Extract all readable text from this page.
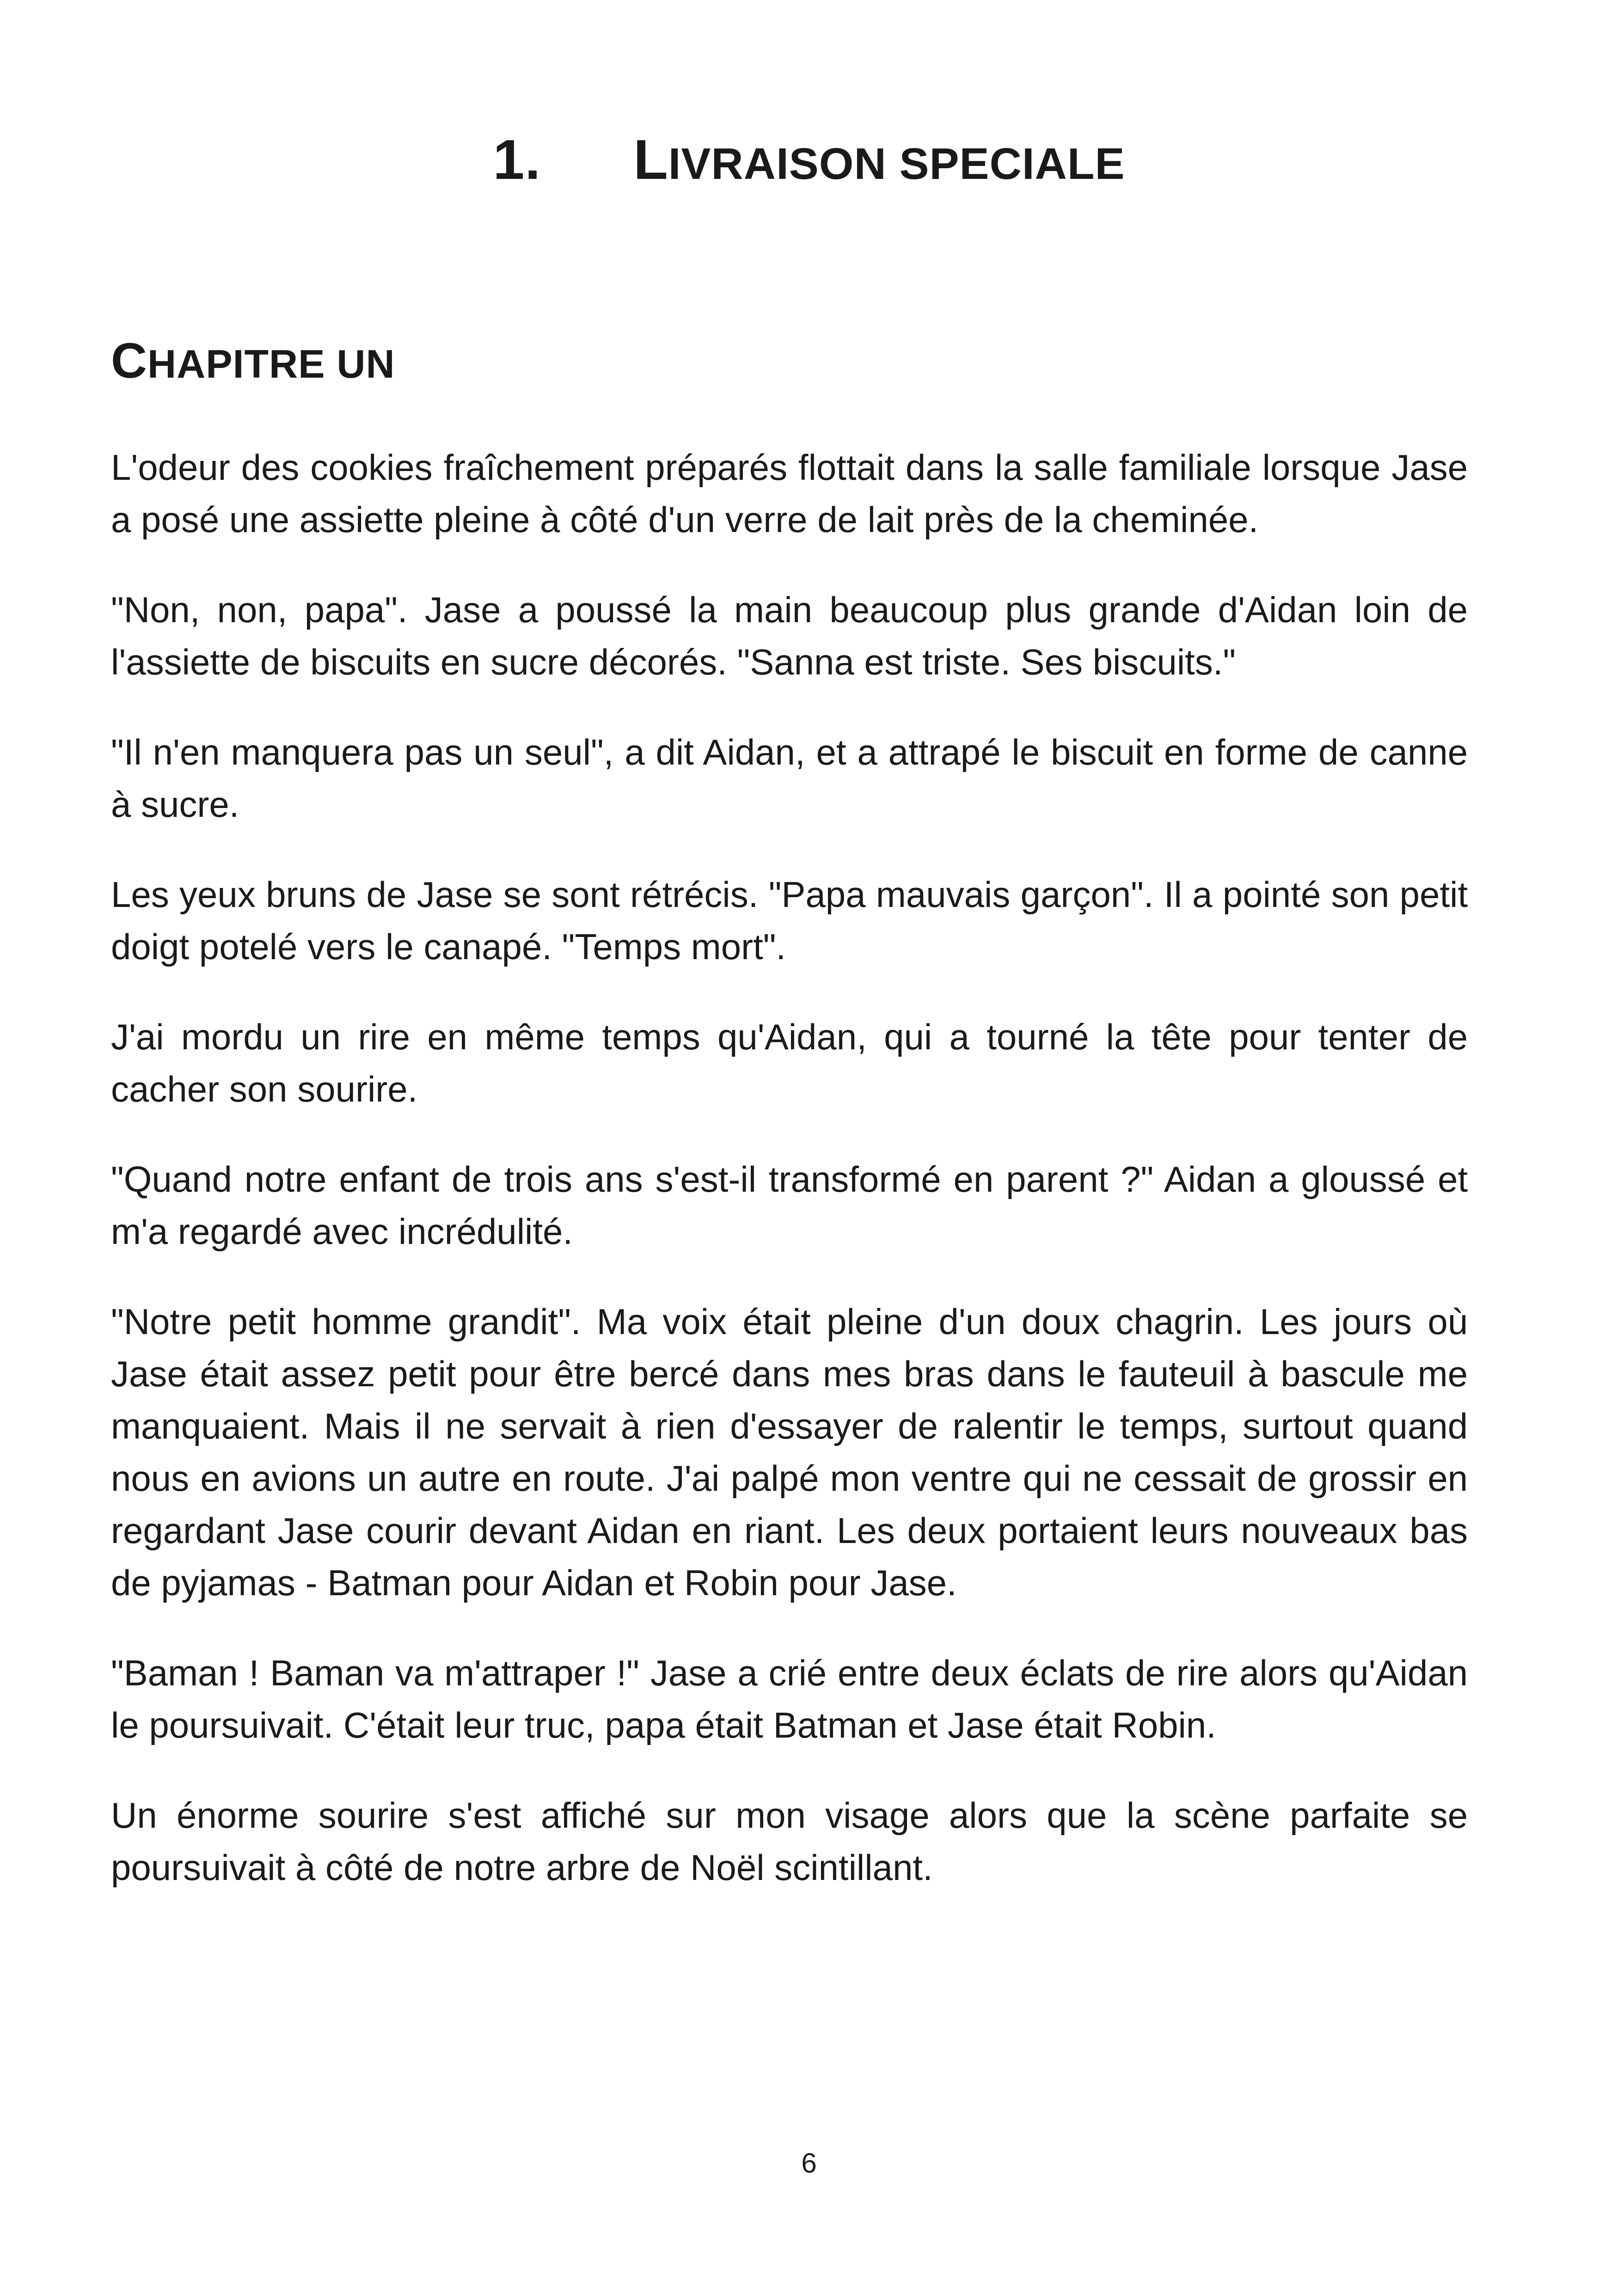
1. LIVRAISON SPECIALE
CHAPITRE UN

L'odeur des cookies fraîchement préparés flottait dans la salle familiale lorsque Jase a posé une assiette pleine à côté d'un verre de lait près de la cheminée.

"Non, non, papa". Jase a poussé la main beaucoup plus grande d'Aidan loin de l'assiette de biscuits en sucre décorés. "Sanna est triste. Ses biscuits."

"Il n'en manquera pas un seul", a dit Aidan, et a attrapé le biscuit en forme de canne à sucre.

Les yeux bruns de Jase se sont rétrécis. "Papa mauvais garçon". Il a pointé son petit doigt potelé vers le canapé. "Temps mort".

J'ai mordu un rire en même temps qu'Aidan, qui a tourné la tête pour tenter de cacher son sourire.

"Quand notre enfant de trois ans s'est-il transformé en parent ?" Aidan a gloussé et m'a regardé avec incrédulité.

"Notre petit homme grandit". Ma voix était pleine d'un doux chagrin. Les jours où Jase était assez petit pour être bercé dans mes bras dans le fauteuil à bascule me manquaient. Mais il ne servait à rien d'essayer de ralentir le temps, surtout quand nous en avions un autre en route. J'ai palpé mon ventre qui ne cessait de grossir en regardant Jase courir devant Aidan en riant. Les deux portaient leurs nouveaux bas de pyjamas - Batman pour Aidan et Robin pour Jase.

"Baman ! Baman va m'attraper !" Jase a crié entre deux éclats de rire alors qu'Aidan le poursuivait. C'était leur truc, papa était Batman et Jase était Robin.

Un énorme sourire s'est affiché sur mon visage alors que la scène parfaite se poursuivait à côté de notre arbre de Noël scintillant.

6
